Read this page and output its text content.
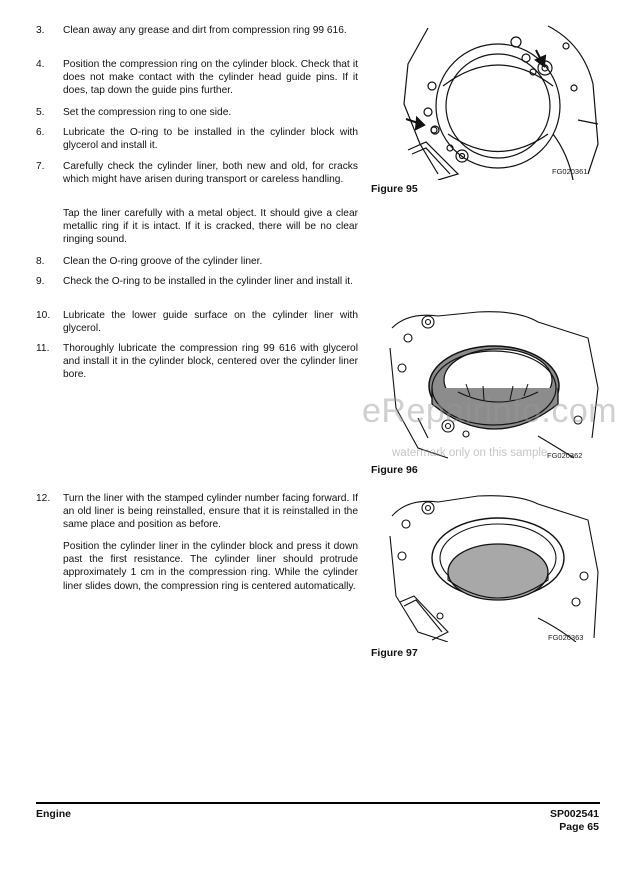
3. Clean away any grease and dirt from compression ring 99 616.
4. Position the compression ring on the cylinder block. Check that it does not make contact with the cylinder head guide pins. If it does, tap down the guide pins further.
5. Set the compression ring to one side.
6. Lubricate the O-ring to be installed in the cylinder block with glycerol and install it.
7. Carefully check the cylinder liner, both new and old, for cracks which might have arisen during transport or careless handling.
Tap the liner carefully with a metal object. It should give a clear metallic ring if it is intact. If it is cracked, there will be no clear ringing sound.
8. Clean the O-ring groove of the cylinder liner.
9. Check the O-ring to be installed in the cylinder liner and install it.
10. Lubricate the lower guide surface on the cylinder liner with glycerol.
11. Thoroughly lubricate the compression ring 99 616 with glycerol and install it in the cylinder block, centered over the cylinder liner bore.
12. Turn the liner with the stamped cylinder number facing forward. If an old liner is being reinstalled, ensure that it is reinstalled in the same place and position as before.
Position the cylinder liner in the cylinder block and press it down past the first resistance. The cylinder liner should protrude approximately 1 cm in the compression ring. While the cylinder liner slides down, the compression ring is centered automatically.
FG020361
Figure 95
eRepairinfo.com
watermark only on this sample FG020362
Figure 96
FG020363
Figure 97
Engine	SP002541
Page 65
